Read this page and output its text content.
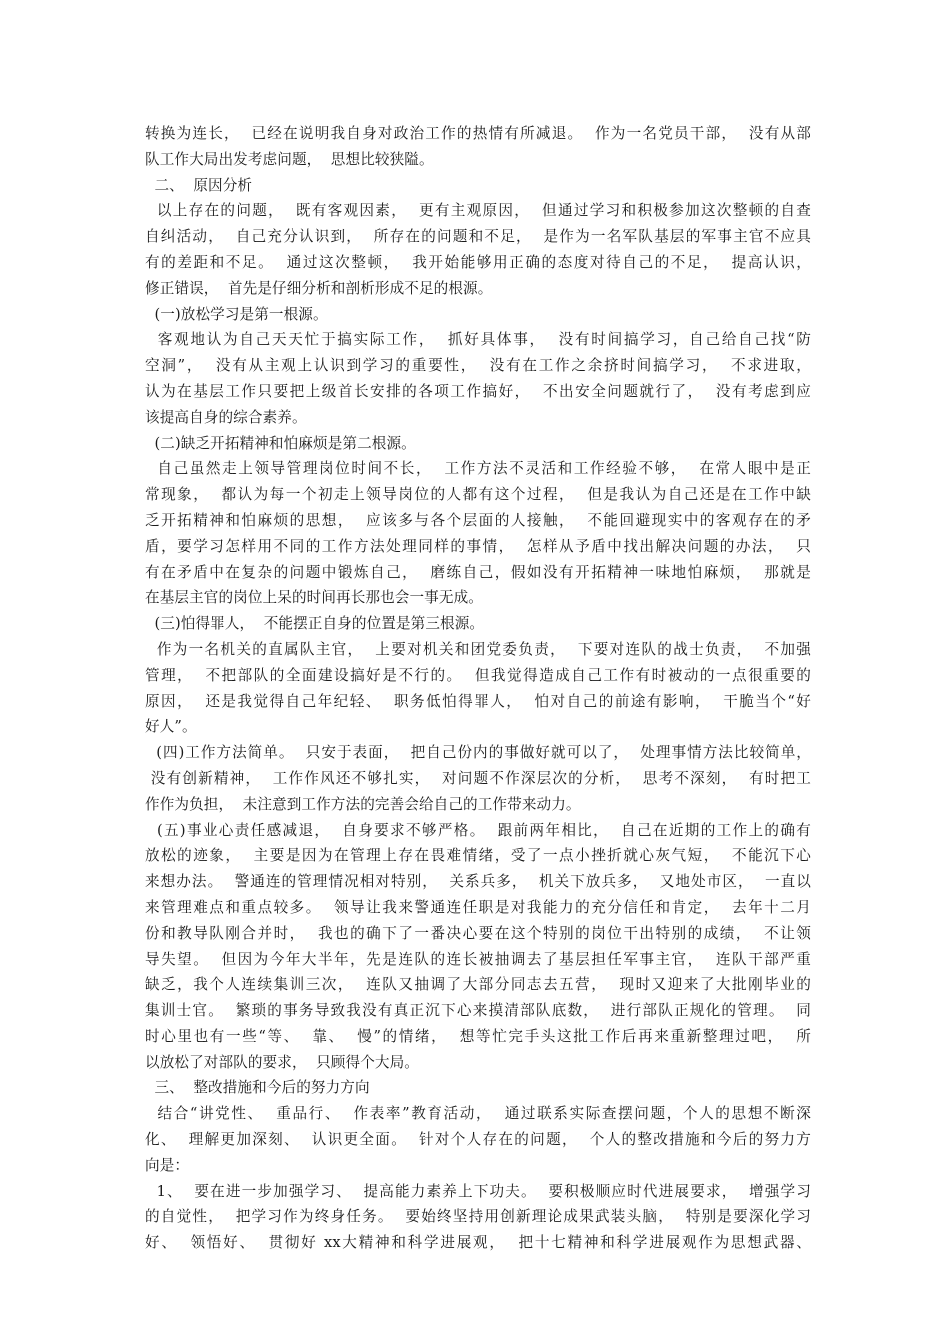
转换为连长，  已经在说明我自身对政治工作的热情有所减退。  作为一名党员干部，  没有从部
队工作大局出发考虑问题，  思想比较狭隘。
二、  原因分析
以上存在的问题，  既有客观因素，  更有主观原因，  但通过学习和积极参加这次整顿的自查
自纠活动，  自己充分认识到，  所存在的问题和不足，  是作为一名军队基层的军事主官不应具
有的差距和不足。  通过这次整顿，  我开始能够用正确的态度对待自己的不足，  提高认识，
修正错误，  首先是仔细分析和剖析形成不足的根源。
(一)放松学习是第一根源。
客观地认为自己天天忙于搞实际工作，  抓好具体事，  没有时间搞学习，自己给自己找“防
空洞”，  没有从主观上认识到学习的重要性，  没有在工作之余挤时间搞学习，  不求进取，
认为在基层工作只要把上级首长安排的各项工作搞好，  不出安全问题就行了，  没有考虑到应
该提高自身的综合素养。
(二)缺乏开拓精神和怕麻烦是第二根源。
自己虽然走上领导管理岗位时间不长，  工作方法不灵活和工作经验不够，  在常人眼中是正
常现象，  都认为每一个初走上领导岗位的人都有这个过程，  但是我认为自己还是在工作中缺
乏开拓精神和怕麻烦的思想，  应该多与各个层面的人接触，  不能回避现实中的客观存在的矛
盾，要学习怎样用不同的工作方法处理同样的事情，  怎样从予盾中找出解决问题的办法，  只
有在矛盾中在复杂的问题中锻炼自己，  磨练自己，假如没有开拓精神一味地怕麻烦，  那就是
在基层主官的岗位上呆的时间再长那也会一事无成。
(三)怕得罪人，  不能摆正自身的位置是第三根源。
作为一名机关的直属队主官，  上要对机关和团党委负责，  下要对连队的战士负责，  不加强
管理，  不把部队的全面建设搞好是不行的。  但我觉得造成自己工作有时被动的一点很重要的
原因，  还是我觉得自己年纪轻、  职务低怕得罪人，  怕对自己的前途有影响，  干脆当个“好
好人”。
(四)工作方法简单。  只安于表面，  把自己份内的事做好就可以了，  处理事情方法比较简单，
没有创新精神，  工作作风还不够扎实，  对问题不作深层次的分析，  思考不深刻，  有时把工
作作为负担，  未注意到工作方法的完善会给自己的工作带来动力。
(五)事业心责任感减退，  自身要求不够严格。  跟前两年相比，  自己在近期的工作上的确有
放松的迹象，  主要是因为在管理上存在畏难情绪，受了一点小挫折就心灰气短，  不能沉下心
来想办法。  警通连的管理情况相对特别，  关系兵多，  机关下放兵多，  又地处市区，  一直以
来管理难点和重点较多。  领导让我来警通连任职是对我能力的充分信任和肯定，  去年十二月
份和教导队刚合并时，  我也的确下了一番决心要在这个特别的岗位干出特别的成绩，  不让领
导失望。  但因为今年大半年，先是连队的连长被抽调去了基层担任军事主官，  连队干部严重
缺乏，我个人连续集训三次，  连队又抽调了大部分同志去五营，  现时又迎来了大批刚毕业的
集训士官。  繁琐的事务导致我没有真正沉下心来摸清部队底数，  进行部队正规化的管理。  同
时心里也有一些“等、  靠、  慢”的情绪，  想等忙完手头这批工作后再来重新整理过吧，  所
以放松了对部队的要求，  只顾得个大局。
三、  整改措施和今后的努力方向
结合“讲党性、  重品行、  作表率”教育活动，  通过联系实际查摆问题，个人的思想不断深
化、  理解更加深刻、  认识更全面。  针对个人存在的问题，  个人的整改措施和今后的努力方
向是：
1、  要在进一步加强学习、  提高能力素养上下功夫。  要积极顺应时代进展要求，  增强学习
的自觉性，  把学习作为终身任务。  要始终坚持用创新理论成果武装头脑，  特别是要深化学习
好、  领悟好、  贯彻好 xx大精神和科学进展观，  把十七精神和科学进展观作为思想武器、
